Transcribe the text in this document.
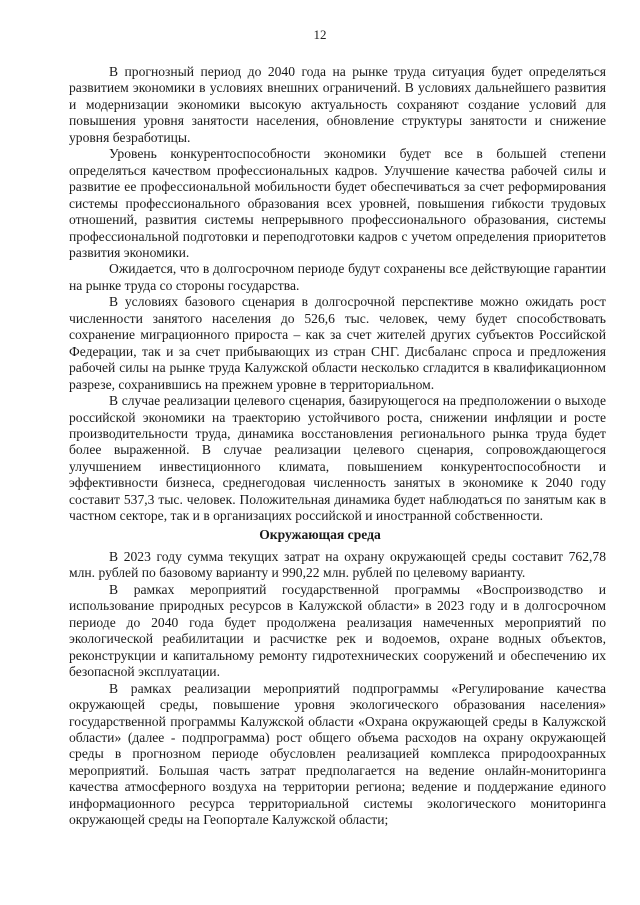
12

В прогнозный период до 2040 года на рынке труда ситуация будет определяться развитием экономики в условиях внешних ограничений. В условиях дальнейшего развития и модернизации экономики высокую актуальность сохраняют создание условий для повышения уровня занятости населения, обновление структуры занятости и снижение уровня безработицы.

Уровень конкурентоспособности экономики будет все в большей степени определяться качеством профессиональных кадров. Улучшение качества рабочей силы и развитие ее профессиональной мобильности будет обеспечиваться за счет реформирования системы профессионального образования всех уровней, повышения гибкости трудовых отношений, развития системы непрерывного профессионального образования, системы профессиональной подготовки и переподготовки кадров с учетом определения приоритетов развития экономики.

Ожидается, что в долгосрочном периоде будут сохранены все действующие гарантии на рынке труда со стороны государства.

В условиях базового сценария в долгосрочной перспективе можно ожидать рост численности занятого населения до 526,6 тыс. человек, чему будет способствовать сохранение миграционного прироста – как за счет жителей других субъектов Российской Федерации, так и за счет прибывающих из стран СНГ. Дисбаланс спроса и предложения рабочей силы на рынке труда Калужской области несколько сгладится в квалификационном разрезе, сохранившись на прежнем уровне в территориальном.

В случае реализации целевого сценария, базирующегося на предположении о выходе российской экономики на траекторию устойчивого роста, снижении инфляции и росте производительности труда, динамика восстановления регионального рынка труда будет более выраженной. В случае реализации целевого сценария, сопровождающегося улучшением инвестиционного климата, повышением конкурентоспособности и эффективности бизнеса, среднегодовая численность занятых в экономике к 2040 году составит 537,3 тыс. человек. Положительная динамика будет наблюдаться по занятым как в частном секторе, так и в организациях российской и иностранной собственности.

Окружающая среда

В 2023 году сумма текущих затрат на охрану окружающей среды составит 762,78 млн. рублей по базовому варианту и 990,22 млн. рублей по целевому варианту.

В рамках мероприятий государственной программы «Воспроизводство и использование природных ресурсов в Калужской области» в 2023 году и в долгосрочном периоде до 2040 года будет продолжена реализация намеченных мероприятий по экологической реабилитации и расчистке рек и водоемов, охране водных объектов, реконструкции и капитальному ремонту гидротехнических сооружений и обеспечению их безопасной эксплуатации.

В рамках реализации мероприятий подпрограммы «Регулирование качества окружающей среды, повышение уровня экологического образования населения» государственной программы Калужской области «Охрана окружающей среды в Калужской области» (далее - подпрограмма) рост общего объема расходов на охрану окружающей среды в прогнозном периоде обусловлен реализацией комплекса природоохранных мероприятий. Большая часть затрат предполагается на ведение онлайн-мониторинга качества атмосферного воздуха на территории региона; ведение и поддержание единого информационного ресурса территориальной системы экологического мониторинга окружающей среды на Геопортале Калужской области;
